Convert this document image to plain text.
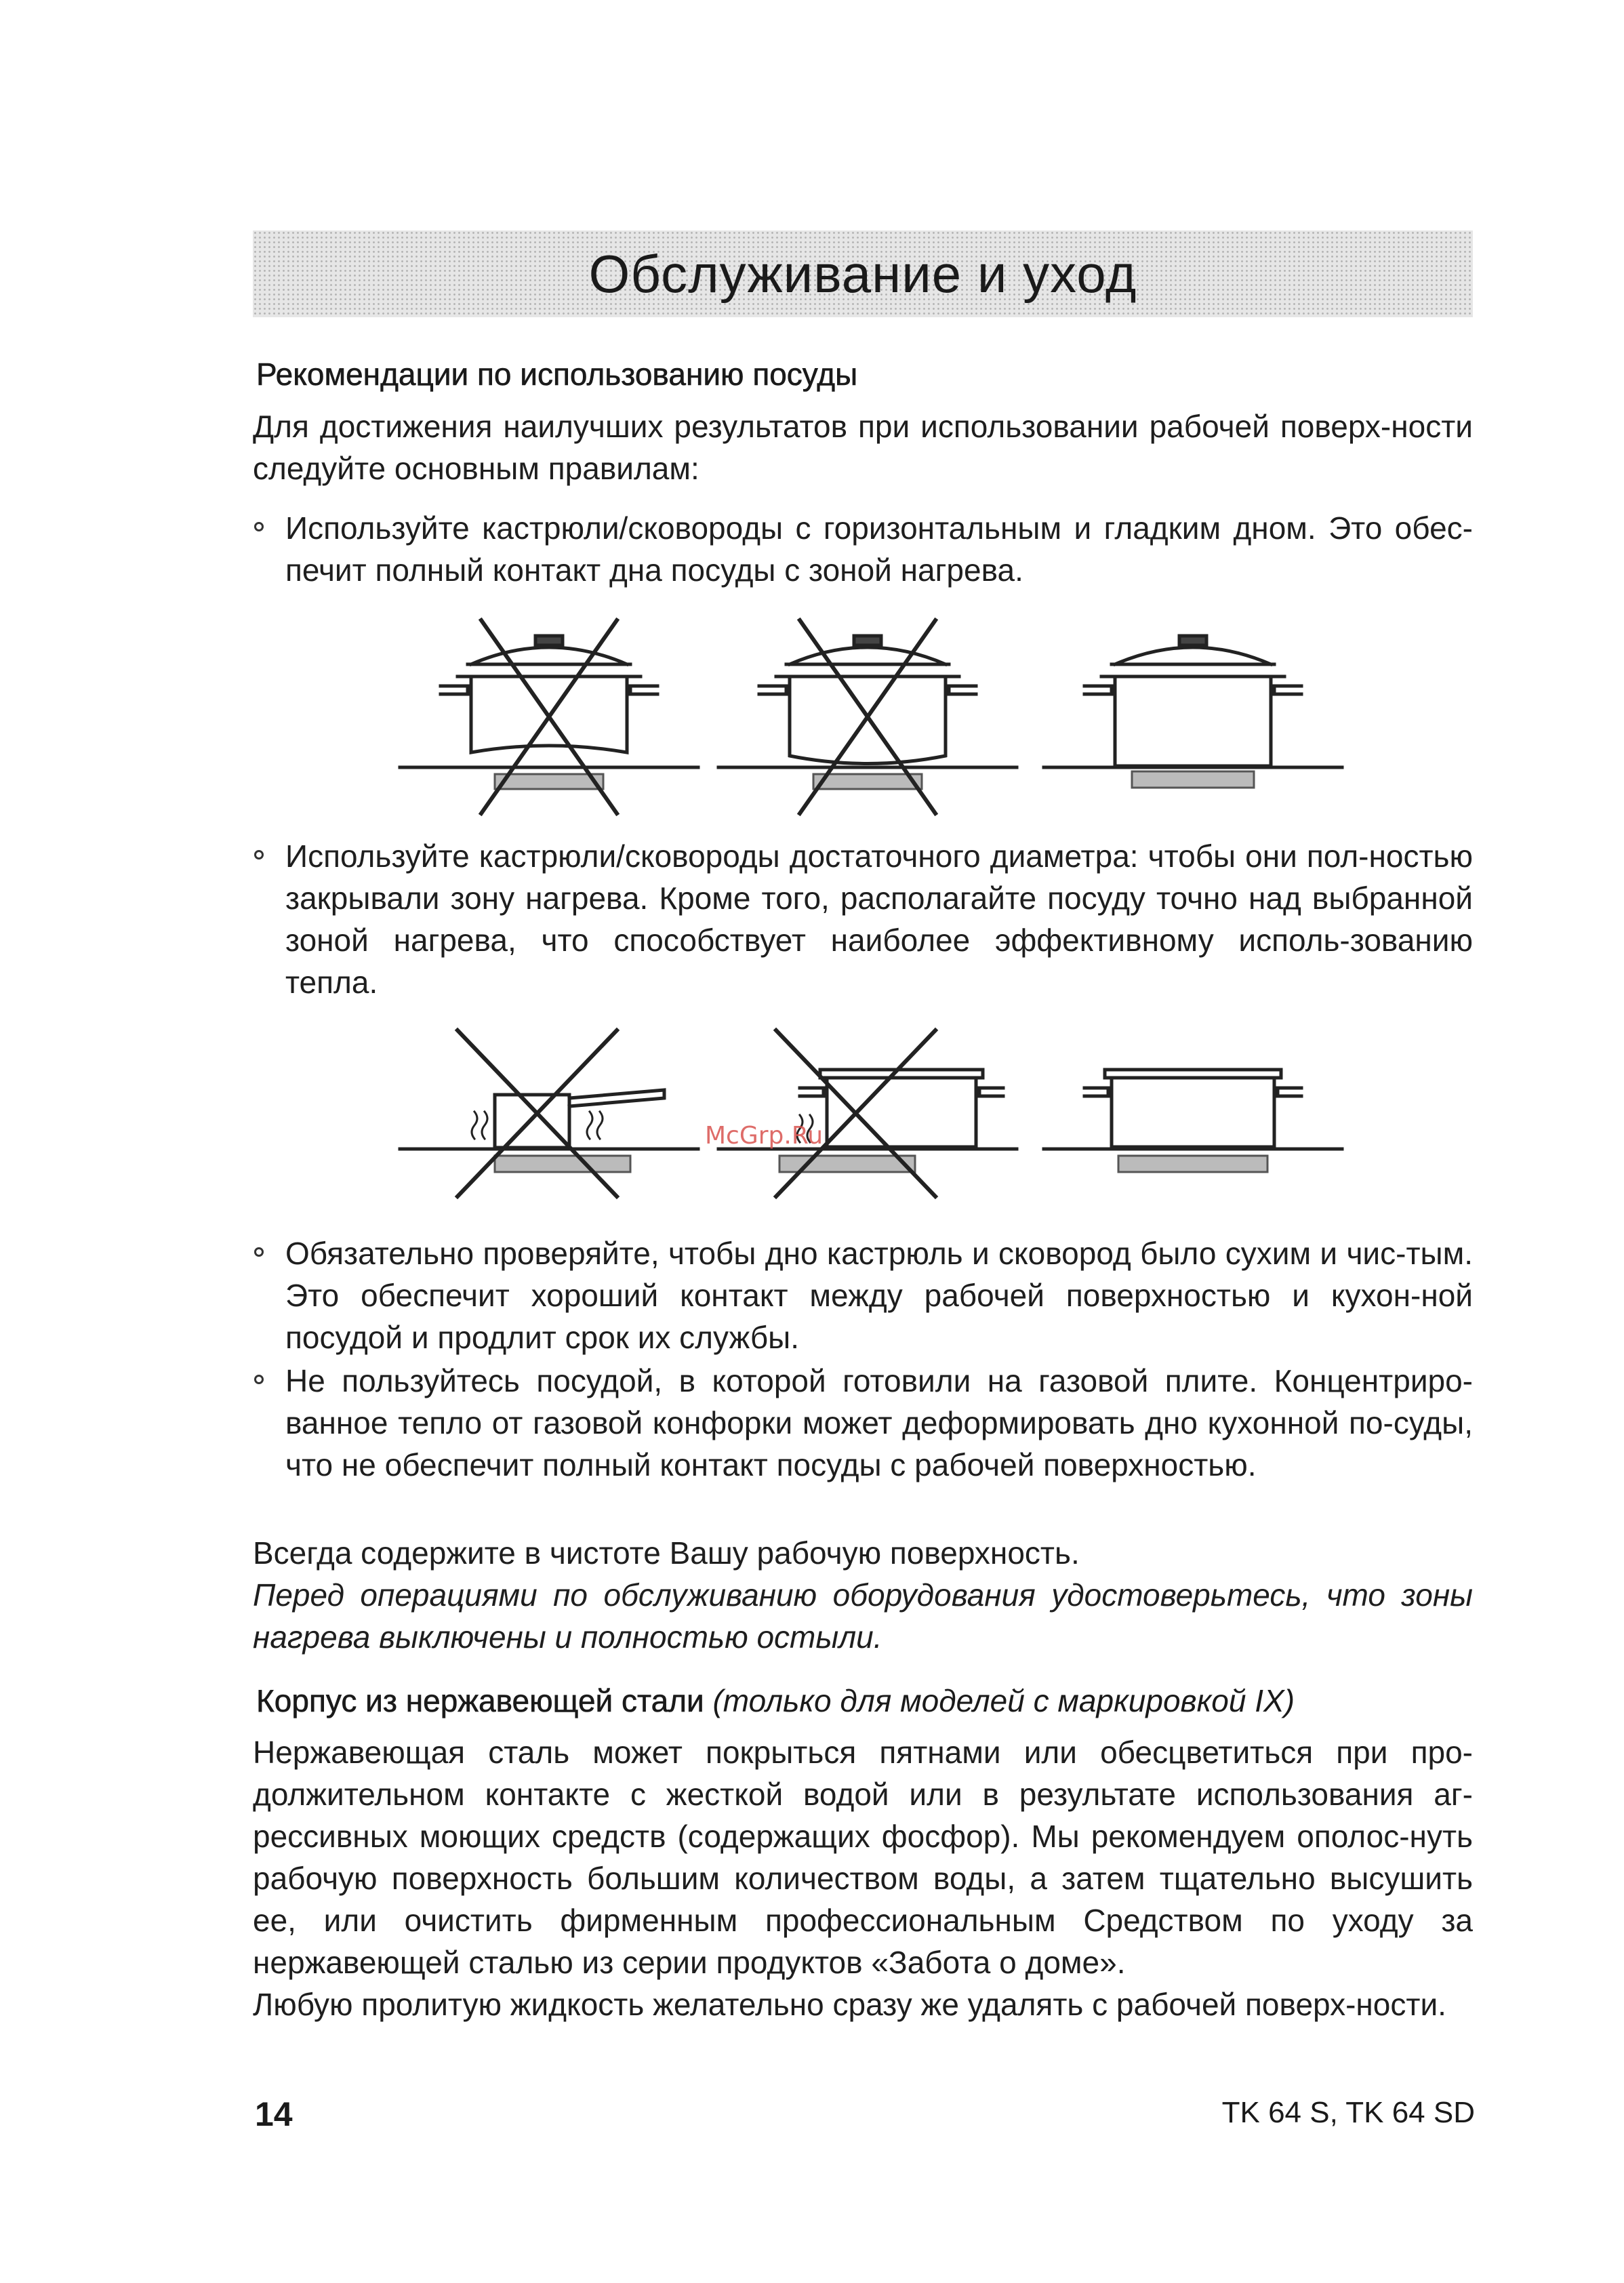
Обслуживание и уход
Рекомендации по использованию посуды

Для достижения наилучших результатов при использовании рабочей поверх-ности следуйте основным правилам:

Используйте кастрюли/сковороды с горизонтальным и гладким дном. Это обес-печит полный контакт дна посуды с зоной нагрева.
Используйте кастрюли/сковороды достаточного диаметра: чтобы они пол-ностью закрывали зону нагрева. Кроме того, располагайте посуду точно над выбранной зоной нагрева, что способствует наиболее эффективному исполь-зованию тепла.
McGrp.Ru
Обязательно проверяйте, чтобы дно кастрюль и сковород было сухим и чис-тым. Это обеспечит хороший контакт между рабочей поверхностью и кухон-ной посудой и продлит срок их службы.
Не пользуйтесь посудой, в которой готовили на газовой плите. Концентриро-ванное тепло от газовой конфорки может деформировать дно кухонной по-суды, что не обеспечит полный контакт посуды с рабочей поверхностью.

Всегда содержите в чистоте Вашу рабочую поверхность.

Перед операциями по обслуживанию оборудования удостоверьтесь, что зоны нагрева выключены и полностью остыли.

Корпус из нержавеющей стали (только для моделей с маркировкой IX)

Нержавеющая сталь может покрыться пятнами или обесцветиться при про-должительном контакте с жесткой водой или в результате использования аг-рессивных моющих средств (содержащих фосфор). Мы рекомендуем ополос-нуть рабочую поверхность большим количеством воды, а затем тщательно высушить ее, или очистить фирменным профессиональным Средством по уходу за нержавеющей сталью из серии продуктов «Забота о доме».

Любую пролитую жидкость желательно сразу же удалять с рабочей поверх-ности.

14	TK 64 S, TK 64 SD
